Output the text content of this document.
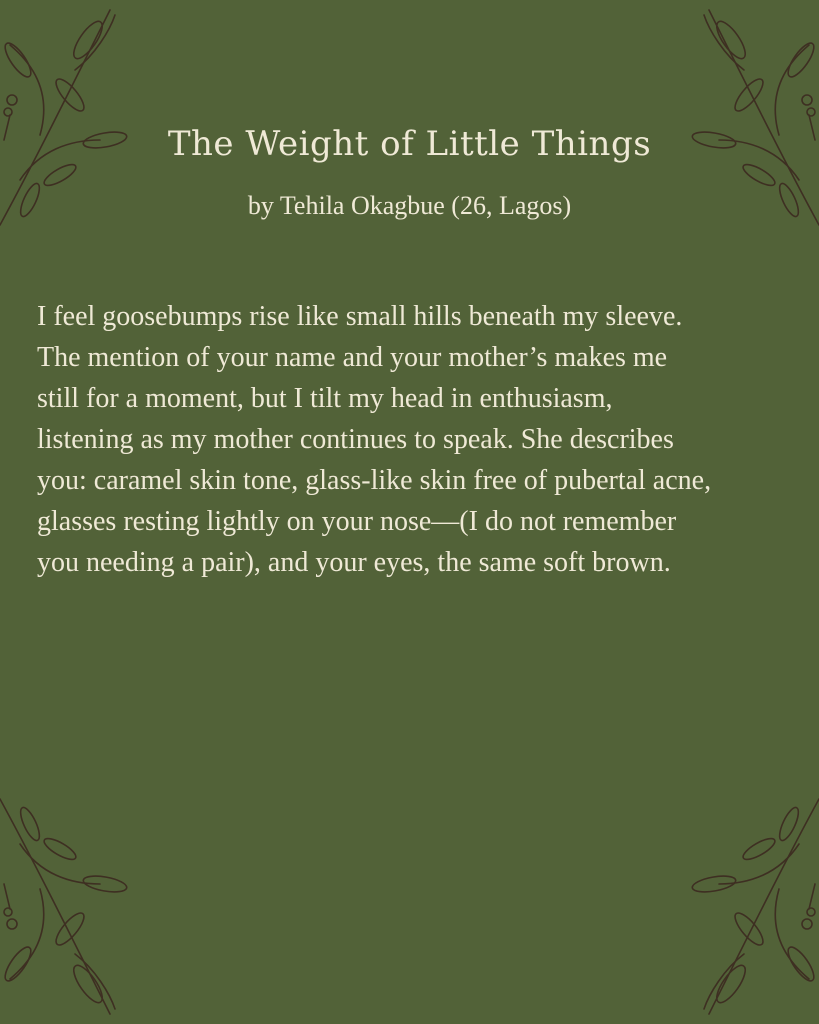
The Weight of Little Things

by Tehila Okagbue (26, Lagos)

I feel goosebumps rise like small hills beneath my sleeve.
The mention of your name and your mother’s makes me
still for a moment, but I tilt my head in enthusiasm,
listening as my mother continues to speak. She describes
you: caramel skin tone, glass-like skin free of pubertal acne,
glasses resting lightly on your nose—(I do not remember
you needing a pair), and your eyes, the same soft brown.
